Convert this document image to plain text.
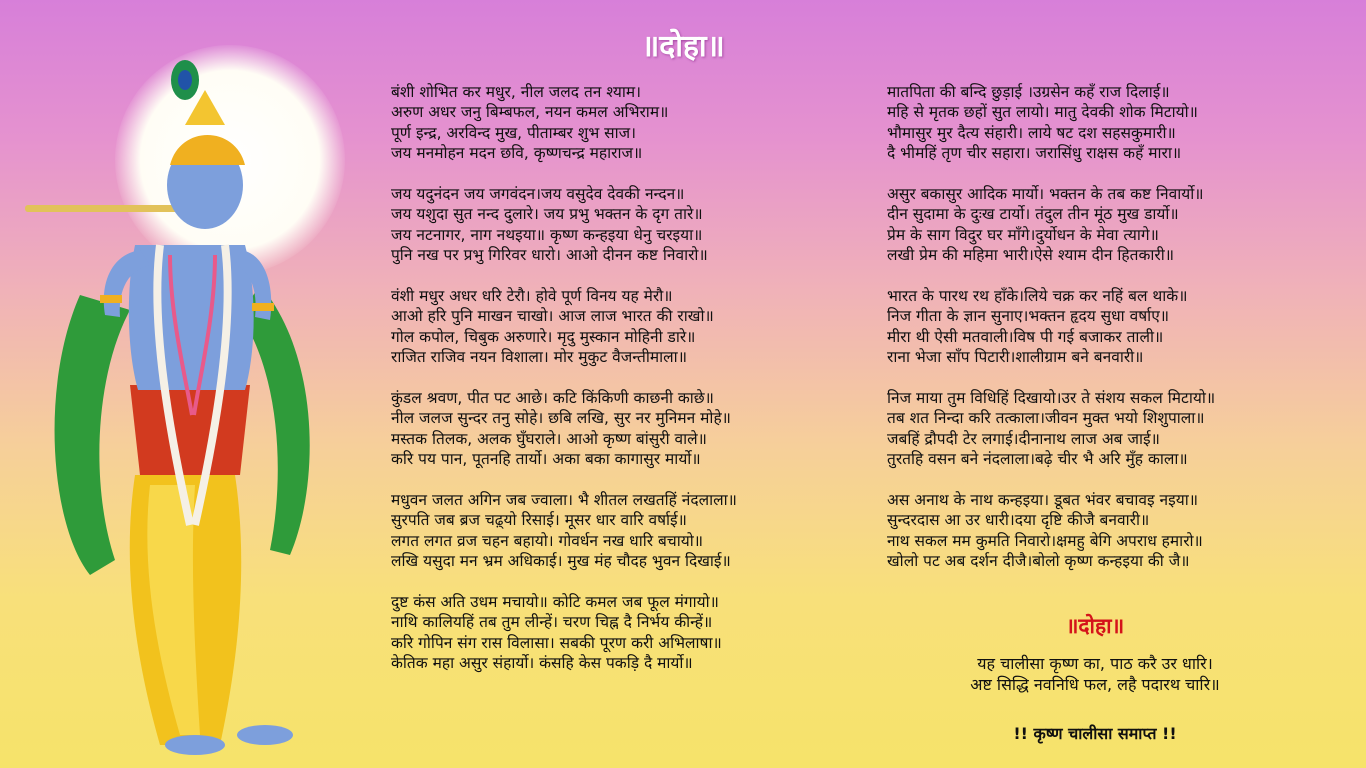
॥दोहा॥
बंशी शोभित कर मधुर, नील जलद तन श्याम।
अरुण अधर जनु बिम्बफल, नयन कमल अभिराम॥
पूर्ण इन्द्र, अरविन्द मुख, पीताम्बर शुभ साज।
जय मनमोहन मदन छवि, कृष्णचन्द्र महाराज॥
जय यदुनंदन जय जगवंदन।जय वसुदेव देवकी नन्दन॥
जय यशुदा सुत नन्द दुलारे। जय प्रभु भक्तन के दृग तारे॥
जय नटनागर, नाग नथइया॥ कृष्ण कन्हइया धेनु चरइया॥
पुनि नख पर प्रभु गिरिवर धारो। आओ दीनन कष्ट निवारो॥
वंशी मधुर अधर धरि टेरौ। होवे पूर्ण विनय यह मेरौ॥
आओ हरि पुनि माखन चाखो। आज लाज भारत की राखो॥
गोल कपोल, चिबुक अरुणारे। मृदु मुस्कान मोहिनी डारे॥
राजित राजिव नयन विशाला। मोर मुकुट वैजन्तीमाला॥
कुंडल श्रवण, पीत पट आछे। कटि किंकिणी काछनी काछे॥
नील जलज सुन्दर तनु सोहे। छबि लखि, सुर नर मुनिमन मोहे॥
मस्तक तिलक, अलक घुँघराले। आओ कृष्ण बांसुरी वाले॥
करि पय पान, पूतनहि तार्यो। अका बका कागासुर मार्यो॥
मधुवन जलत अगिन जब ज्वाला। भै शीतल लखतहिं नंदलाला॥
सुरपति जब ब्रज चढ़्यो रिसाई। मूसर धार वारि वर्षाई॥
लगत लगत व्रज चहन बहायो। गोवर्धन नख धारि बचायो॥
लखि यसुदा मन भ्रम अधिकाई। मुख मंह चौदह भुवन दिखाई॥
दुष्ट कंस अति उधम मचायो॥ कोटि कमल जब फूल मंगायो॥
नाथि कालियहिं तब तुम लीन्हें। चरण चिह्न दै निर्भय कीन्हें॥
करि गोपिन संग रास विलासा। सबकी पूरण करी अभिलाषा॥
केतिक महा असुर संहार्यो। कंसहि केस पकड़ि दै मार्यो॥
मातपिता की बन्दि छुड़ाई ।उग्रसेन कहँ राज दिलाई॥
महि से मृतक छहों सुत लायो। मातु देवकी शोक मिटायो॥
भौमासुर मुर दैत्य संहारी। लाये षट दश सहसकुमारी॥
दै भीमहिं तृण चीर सहारा। जरासिंधु राक्षस कहँ मारा॥
असुर बकासुर आदिक मार्यो। भक्तन के तब कष्ट निवार्यो॥
दीन सुदामा के दुःख टार्यो। तंदुल तीन मूंठ मुख डार्यो॥
प्रेम के साग विदुर घर माँगे।दुर्योधन के मेवा त्यागे॥
लखी प्रेम की महिमा भारी।ऐसे श्याम दीन हितकारी॥
भारत के पारथ रथ हाँके।लिये चक्र कर नहिं बल थाके॥
निज गीता के ज्ञान सुनाए।भक्तन हृदय सुधा वर्षाए॥
मीरा थी ऐसी मतवाली।विष पी गई बजाकर ताली॥
राना भेजा साँप पिटारी।शालीग्राम बने बनवारी॥
निज माया तुम विधिहिं दिखायो।उर ते संशय सकल मिटायो॥
तब शत निन्दा करि तत्काला।जीवन मुक्त भयो शिशुपाला॥
जबहिं द्रौपदी टेर लगाई।दीनानाथ लाज अब जाई॥
तुरतहि वसन बने नंदलाला।बढ़े चीर भै अरि मुँह काला॥
अस अनाथ के नाथ कन्हइया। डूबत भंवर बचावइ नइया॥
सुन्दरदास आ उर धारी।दया दृष्टि कीजै बनवारी॥
नाथ सकल मम कुमति निवारो।क्षमहु बेगि अपराध हमारो॥
खोलो पट अब दर्शन दीजै।बोलो कृष्ण कन्हइया की जै॥
॥दोहा॥
यह चालीसा कृष्ण का, पाठ करै उर धारि।
अष्ट सिद्धि नवनिधि फल, लहै पदारथ चारि॥
!! कृष्ण चालीसा समाप्त !!
